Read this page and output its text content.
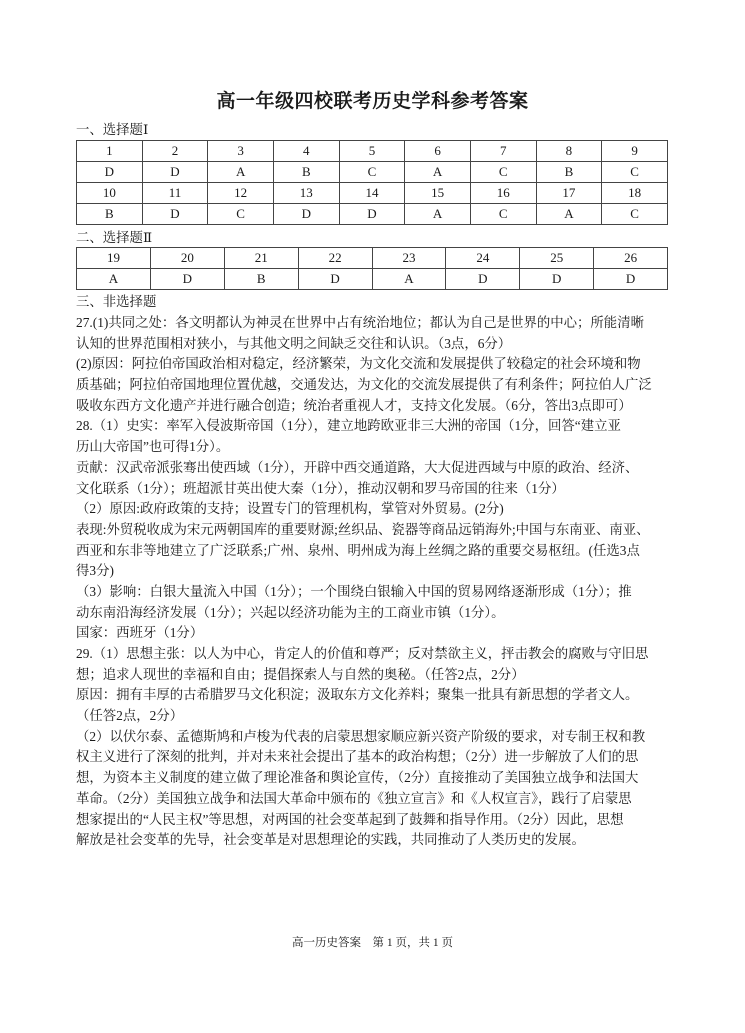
高一年级四校联考历史学科参考答案
一、选择题Ⅰ
1	2	3	4	5	6	7	8	9
D	D	A	B	C	A	C	B	C
10	11	12	13	14	15	16	17	18
B	D	C	D	D	A	C	A	C
二、选择题Ⅱ
19	20	21	22	23	24	25	26
A	D	B	D	A	D	D	D
三、非选择题
27.(1)共同之处：各文明都认为神灵在世界中占有统治地位；都认为自己是世界的中心；所能清晰
认知的世界范围相对狭小，与其他文明之间缺乏交往和认识。（3点，6分）
(2)原因：阿拉伯帝国政治相对稳定，经济繁荣，为文化交流和发展提供了较稳定的社会环境和物
质基础；阿拉伯帝国地理位置优越，交通发达，为文化的交流发展提供了有利条件；阿拉伯人广泛
吸收东西方文化遗产并进行融合创造；统治者重视人才，支持文化发展。（6分，答出3点即可）
28.（1）史实：率军入侵波斯帝国（1分），建立地跨欧亚非三大洲的帝国（1分，回答“建立亚
历山大帝国”也可得1分）。
贡献：汉武帝派张骞出使西域（1分），开辟中西交通道路，大大促进西域与中原的政治、经济、
文化联系（1分）；班超派甘英出使大秦（1分），推动汉朝和罗马帝国的往来（1分）
（2）原因:政府政策的支持；设置专门的管理机构，掌管对外贸易。(2分)
表现:外贸税收成为宋元两朝国库的重要财源;丝织品、瓷器等商品远销海外;中国与东南亚、南亚、
西亚和东非等地建立了广泛联系;广州、泉州、明州成为海上丝绸之路的重要交易枢纽。(任选3点
得3分)
（3）影响：白银大量流入中国（1分）；一个围绕白银输入中国的贸易网络逐渐形成（1分）；推
动东南沿海经济发展（1分）；兴起以经济功能为主的工商业市镇（1分）。
国家：西班牙（1分）
29.（1）思想主张：以人为中心，肯定人的价值和尊严；反对禁欲主义，抨击教会的腐败与守旧思
想；追求人现世的幸福和自由；提倡探索人与自然的奥秘。（任答2点，2分）
原因：拥有丰厚的古希腊罗马文化积淀；汲取东方文化养料；聚集一批具有新思想的学者文人。
（任答2点，2分）
（2）以伏尔泰、孟德斯鸠和卢梭为代表的启蒙思想家顺应新兴资产阶级的要求，对专制王权和教
权主义进行了深刻的批判，并对未来社会提出了基本的政治构想；（2分）进一步解放了人们的思
想，为资本主义制度的建立做了理论准备和舆论宣传，（2分）直接推动了美国独立战争和法国大
革命。（2分）美国独立战争和法国大革命中颁布的《独立宣言》和《人权宣言》，践行了启蒙思
想家提出的“人民主权”等思想，对两国的社会变革起到了鼓舞和指导作用。（2分）因此，思想
解放是社会变革的先导，社会变革是对思想理论的实践，共同推动了人类历史的发展。
高一历史答案　第 1 页，共 1 页
